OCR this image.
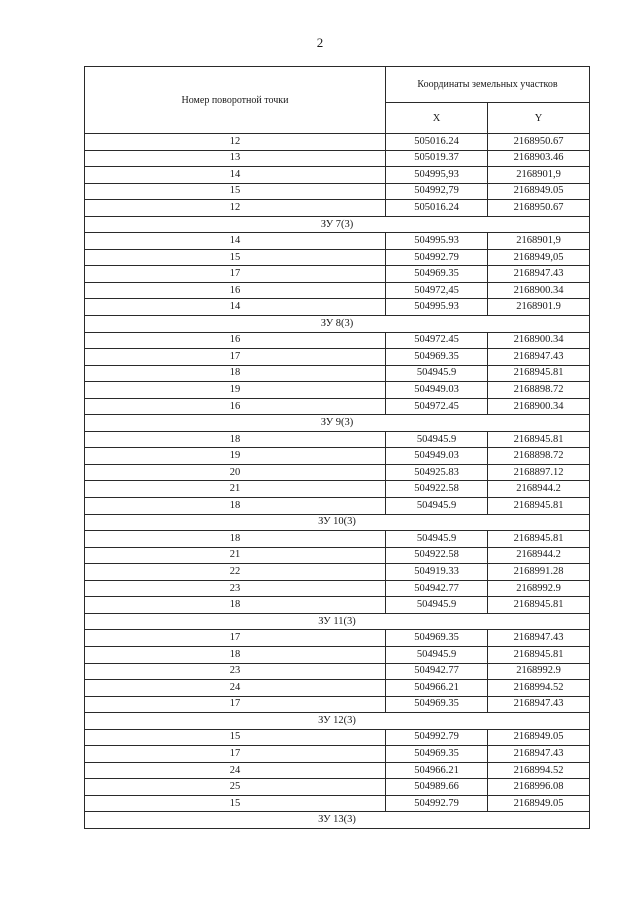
2
Номер поворотной точки	Координаты земельных участков	
	X	Y
12	505016.24	2168950.67
13	505019.37	2168903.46
14	504995,93	2168901,9
15	504992,79	2168949.05
12	505016.24	2168950.67
ЗУ 7(3)		
14	504995.93	2168901,9
15	504992.79	2168949,05
17	504969.35	2168947.43
16	504972,45	2168900.34
14	504995.93	2168901.9
ЗУ 8(3)		
16	504972.45	2168900.34
17	504969.35	2168947.43
18	504945.9	2168945.81
19	504949.03	2168898.72
16	504972.45	2168900.34
ЗУ 9(3)		
18	504945.9	2168945.81
19	504949.03	2168898.72
20	504925.83	2168897.12
21	504922.58	2168944.2
18	504945.9	2168945.81
ЗУ 10(3)		
18	504945.9	2168945.81
21	504922.58	2168944.2
22	504919.33	2168991.28
23	504942.77	2168992.9
18	504945.9	2168945.81
ЗУ 11(3)		
17	504969.35	2168947.43
18	504945.9	2168945.81
23	504942.77	2168992.9
24	504966.21	2168994.52
17	504969.35	2168947.43
ЗУ 12(3)		
15	504992.79	2168949.05
17	504969.35	2168947.43
24	504966.21	2168994.52
25	504989.66	2168996.08
15	504992.79	2168949.05
ЗУ 13(3)		
